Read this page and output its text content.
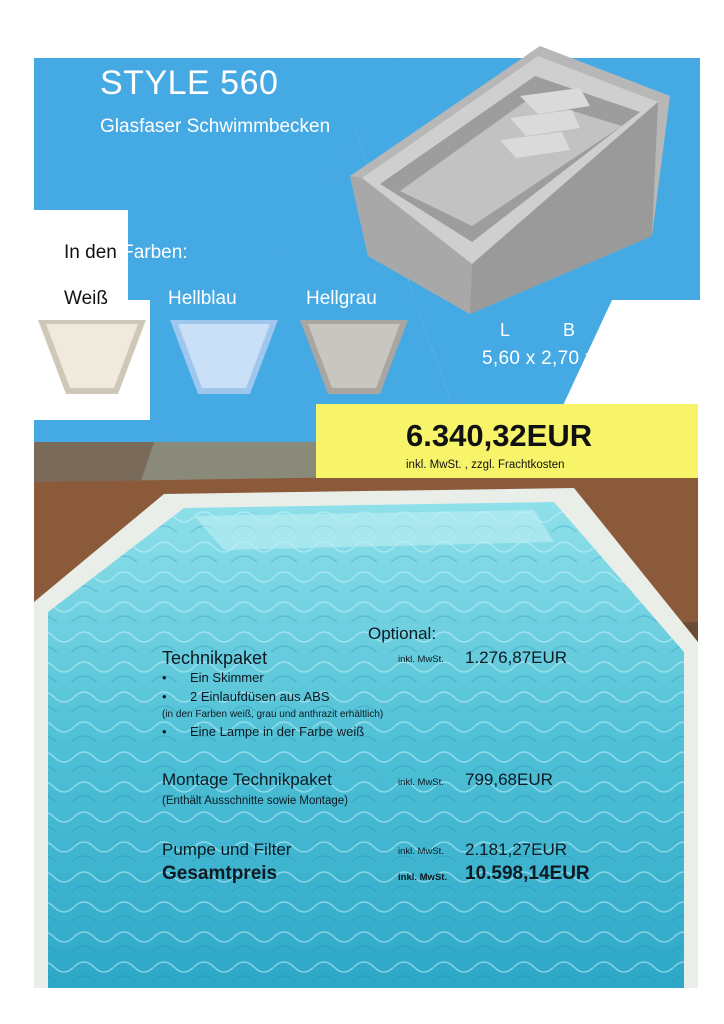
STYLE 560
Glasfaser Schwimmbecken
In den Farben:
Weiß	Hellblau	Hellgrau
L	B	T
5,60 x 2,70 x 1,40 m
6.340,32EUR
inkl. MwSt. , zzgl. Frachtkosten
Optional:
Technikpaket	inkl. MwSt. 1.276,87EUR
• Ein Skimmer
• 2 Einlaufdüsen aus ABS
(in den Farben weiß, grau und anthrazit erhältlich)
• Eine Lampe in der Farbe weiß
Montage Technikpaket	inkl. MwSt. 799,68EUR
(Enthält Ausschnitte sowie Montage)
Pumpe und Filter	inkl. MwSt. 2.181,27EUR
Gesamtpreis	inkl. MwSt. 10.598,14EUR
